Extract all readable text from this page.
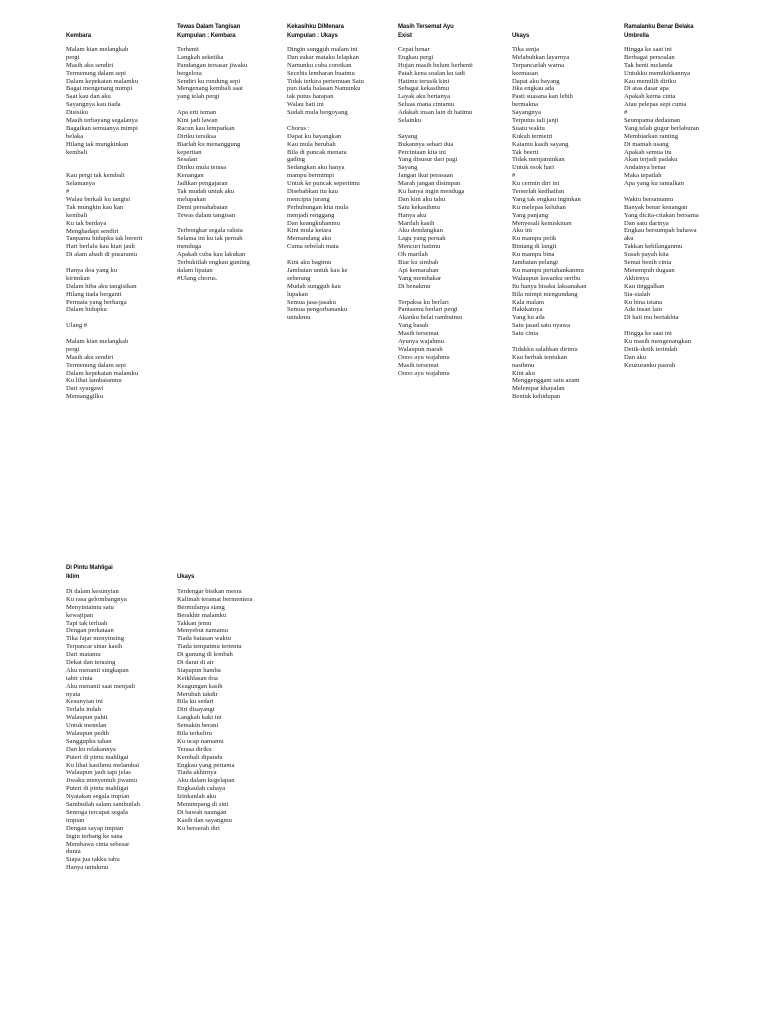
Kembara
Malam kian melangkah
pergi
Masih aku sendiri
Termenung dalam sepi
Dalam kepekatan malamku
Bagai mengenang mimpi
Saat kau dan aku
Sayangnya kau tiada
Disisiku
Masih terbayang segalanya
Bagaikan semuanya mimpi
belaka
Hilang tak mungkinkan
kembali
Kau pergi tak kembali
Selamanya
#
Walau berkali ku tangisi
Tak mungkin kau kan
kembali
Ku tak berdaya
Menghadapi sendiri
Tanpamu hidupku tak bererti
Hari berlalu kau kian jauh
Di alam abadi di pusaramu
Hanya doa yang ku
kirimkan
Dalam hiba aku tangisikan
Hilang tiada berganti
Permata yang berharga
Dalam hidupku
Ulang #
Malam kian melangkah
pergi
Masih aku sendiri
Termenung dalam sepi
Dalam kepekatan malamku
Ku lihat lambaianmu
Dari syurgawi
Memanggilku
Tewas Dalam Tangisan
Kumpulan : Kembara
Terhenti
Langkah seketika
Pandangan tersasar jiwaku
bergelora
Sendiri ku rundung sepi
Mengenang kembali saat
yang telah pergi
Apa erti teman
Kini jadi lawan
Racun kau lemparkan
Diriku tersiksa
Biarlah ku menanggung
keperitan
Sesalan
Diriku mula terasa
Kenangan
Jadikan pengajaran
Tak mudah untuk aku
melupakan
Demi persahabatan
Tewas dalam tangisan
Terbongkar segala rahsia
Selama ini ku tak pernah
menduga
Apakah cuba kau lakukan
Terbuktilah engkau gunting
dalam lipatan
#Ulang chorus.
Kekasihku DiMenara
Kumpulan : Ukays
Dingin sungguh malam ini
Dan sukar mataku lelapkan
Namunku cuba coretkan
Secebis lembaran buatmu
Tidak terkira pertemuan Satu
pun tiada balasan Namunku
tak putus harapan
Walau hati ini
Sudah mula bergoyang
Chorus :
Dapat ku bayangkan
Kau mula berubah
Bila di puncak menara
gading
Sedangkan aku hanya
mampu bermimpi
Untuk ke puncak sepertimu
Disebabkan itu kau
mencipta jurang
Perhubungan kita mula
menjadi renggang
Dan keangkuhanmu
Kini mula ketara
Memandang aku
Cuma sebelah mata
Kini aku bagimu
Jambatan untuk kau ke
seberang
Mudah sungguh kau
lupakan
Semua jasa-jasaku
Semua pengorbananku
untukmu
Masih Tersemat Ayu
Exist
Cepat benar
Engkau pergi
Hujan masih belum berhenti
Patah kena soalan ku tadi
Hatimu terusik kini
Sebagai kekasihmu
Layak aku bertanya
Seluas mana cintamu
Adakah insan lain di hatimu
Selainku
Sayang
Bukannya sehari dua
Percintaan kita ini
Yang disusur dari pagi
Sayang
Jangan ikut perasaan
Marah jangan disimpan
Ku hanya ingin menduga
Dan kini aku tahu
Satu kekasihmu
Hanya aku
Marilah kasih
Aku dendangkan
Lagu yang pernah
Mencuri hatimu
Oh marilah
Biar ku simbah
Api kemarahan
Yang membakar
Di benakmu
Terpaksa ku berlari
Pantasmu berlari pergi
Akanku belai rambutmu
Yang basah
Masih tersemat
Ayunya wajahmu
Walaupun marah
Oooo ayu wajahmu
Masih tersemat
Oooo ayu wajahmu
Ukays
Tika senja
Melabuhkan layarnya
Terpancarlah warna
keemasan
Dapat aku bayang
Jika engkau ada
Pasti suasana kan lebih
bermakna
Sayangnya
Terputus tali janji
Suatu waktu
Kukuh termetri
Katamu kasih sayang
Tak beerti
Tidak menjaminkan
Untuk esok hari
#
Ku cermin diri ini
Terserlah kedhaifan
Yang tak engkau inginkan
Ku melepas keluhan
Yang panjang
Menyesali kemiskinan
Aku ini
Ku mampu petik
Bintang di langit
Ku mampu bina
Jambatan pelangi
Ku mampu pertahankanmu
Walaupun lawanku seribu
Itu hanya bisaku laksanakan
Bila mimpi mengundang
Kala malam
Hakikatnya
Yang ku ada
Satu jasad satu nyawa
Satu cinta
Tidakku salahkan dirimu
Kau berhak tentukan
nasibmu
Kini aku
Menggenggam satu azam
Melempar khayalan
Bentuk kehidupan
Ramalanku Benar Belaka
Umbrella
Hingga ke saat ini
Berbagai persoalan
Tak henti melanda
Untukku memikirkannya
Kau memilih diriku
Di atas dasar apa
Apakah kerna cinta
Atau pelepas sepi cuma
#
Seumpama dedaunan
Yang telah gugur berlaburan
Membiarkan ranting
Di mamah usang
Apakah semua itu
Akan terjadi padaku
Andainya benar
Maka tepatlah
Apa yang ku ramalkan
Waktu bersamamu
Banyak benar kenangan
Yang dicita-citakan bersama
Dan satu darinya
Engkau bersumpah bahawa
aku
Takkan kehilanganmu
Susah payah kita
Semai benih cinta
Menempuh dugaan
Akhirnya
Kau tinggalkan
Sia-sialah
Ku bina istana
Ada insan lain
Di hati mu bertakhta
Hingga ke saat ini
Ku masih mengenangkan
Detik-detik terindah
Dan aku
Keuzuranku pasrah
Di Pintu Mahligai
Iklim
Di dalam kesunyian
Ku rasa gelombangnya
Menyintaimu satu
kewajipan
Tapi tak terluah
Dengan perkataan
Tika fajar menyinsing
Terpancar sinar kasih
Dari matamu
Dekat dan terasing
Aku menanti singkapan
tabir cinta
Aku menanti saat menjadi
nyata
Kesunyian ini
Terlalu indah
Walaupun pahit
Untuk menelan
Walaupun pedih
Sanggupku tahan
Dan ku relakannya
Puteri di pintu mahligai
Ku lihat kasihmu melambai
Walaupun jauh tapi jelas
Jiwaku menyentuh jiwamu
Puteri di pintu mahligai
Nyatakan segala impian
Sambutlah salam sambutlah
Semoga tercapai segala
impian
Dengan sayap impian
Ingin terbang ke sana
Membawa cinta sebesar
dunia
Siapa jua takku tahu
Hanya untukmu
Ukays
Terdengar bisikan mesra
Kalimah teramat bermentera
Bermulanya siang
Berakhir malamku
Takkan jemu
Menyebut namamu
Tiada batasan waktu
Tiada tempatmu tertentu
Di gunung di lembah
Di darat di air
Siapapun hamba
Keikhlasan doa
Keagungan kasih
Merubah takdir
Bila ku sedari
Diri disayangi
Langkah kaki ini
Semakin berani
Bila terkeliru
Ku ucap namamu
Terasa diriku
Kembali dipandu
Engkau yang pertama
Tiada akhirnya
Aku dalam kegelapan
Engkaulah cahaya
Izinkanlah aku
Menumpang di sini
Di bawah naungan
Kasih dan sayangmu
Ku berserah diri
